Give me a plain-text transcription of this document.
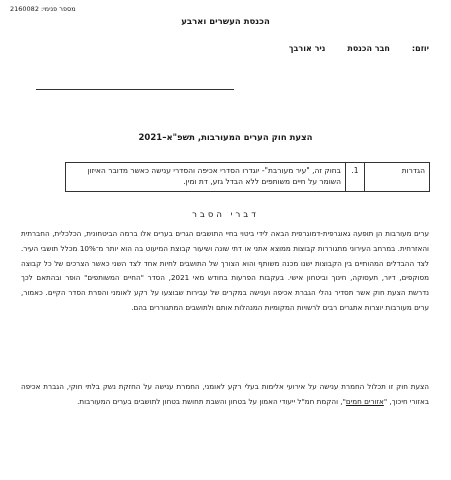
מספר פנימי: 2160082
הכנסת העשרים וארבע
יוזם:
חבר הכנסת
ניר אורבך
הצעת חוק הערים המעורבות, תשפ"א–2021
הגדרות	1.	בחוק זה, "עיר מעורבת"- יוגדרו הסדרי אכיפה והסדרי ענישה כאשר מדובר האיזון השומר על חיים משותפים ללא הבדל גזע, דת ומין.
דברי הסבר
ערים מעורבות הן תופעה גאוגרפית-דמוגרפית הבאה לידי ביטוי בחיי התושבים הגרים בערים אלו ברמה הביטחונית, הכלכלית, החברתית והאזרחית. במרחב העירוני מתגוררות קבוצות ממוצא אתני או דתי שונה ושיעור קבוצת המיעוט בה הוא יותר מ־10% מכלל תושבי העיר. לצד ההבדלים המהותיים בין הקבוצות ישנו מכנה משותף והוא הצורך של התושבים לחיות אחד לצד השני כאשר הצרכים של כל קבוצה מסוקפים, דיור, תעסוקה, חינוך וביטחון אישי. בעקבות הפרעות בחודש מאי 2021, הסדר "החיים המשותפים" הופר ובהתאם לכך נדרשת הצעת חוק אשר תסדיר נהלי הגברת אכיפה וענישה במקרים של עבירות שבוצעו על רקע לאומני והפרת הסדר הקיים. כאמור, ערים מעורבות יוצרות אתגרים רבים לרשויות המקומיות המנהלות אותם ולתושבים המתגוררים בהם.
הצעת חוק זו תכלול החמרת ענישה על אירועי אלימות בעלי רקע לאומני, החמרת ענישה על החזקת נשק בלתי חוקי, הגברת אכיפה באזורי חיכוך, "אזורים חמים", והקמת חמ"ל ייעודי האמון על בטחון והשבת תחושת בטחון לתושבים בערים המעורבות.
